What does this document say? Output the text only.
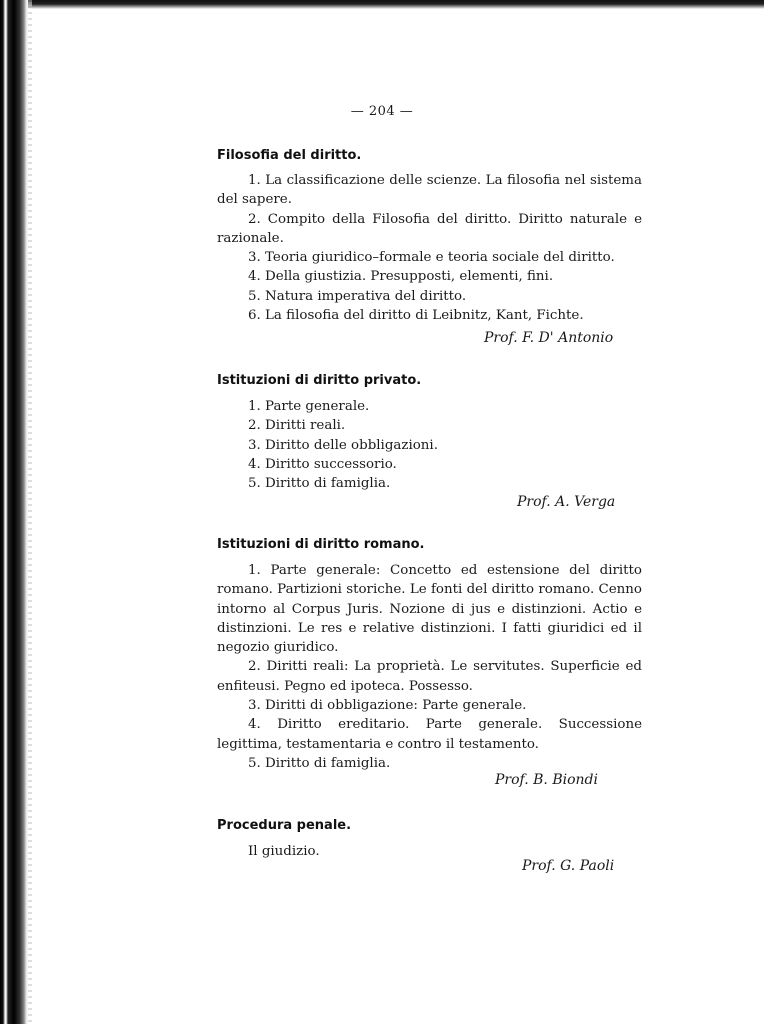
— 204 —
Filosofia del diritto.

1. La classificazione delle scienze. La filosofia nel sistema del sapere.

2. Compito della Filosofia del diritto. Diritto naturale e razionale.

3. Teoria giuridico–formale e teoria sociale del diritto.

4. Della giustizia. Presupposti, elementi, fini.

5. Natura imperativa del diritto.

6. La filosofia del diritto di Leibnitz, Kant, Fichte.

Prof. F. D' Antonio
Istituzioni di diritto privato.

1. Parte generale.

2. Diritti reali.

3. Diritto delle obbligazioni.

4. Diritto successorio.

5. Diritto di famiglia.

Prof. A. Verga
Istituzioni di diritto romano.

1. Parte generale: Concetto ed estensione del diritto romano. Partizioni storiche. Le fonti del diritto romano. Cenno intorno al Corpus Juris. Nozione di jus e distinzioni. Actio e distinzioni. Le res e relative distinzioni. I fatti giuridici ed il negozio giuridico.

2. Diritti reali: La proprietà. Le servitutes. Superficie ed enfiteusi. Pegno ed ipoteca. Possesso.

3. Diritti di obbligazione: Parte generale.

4. Diritto ereditario. Parte generale. Successione legittima, testamentaria e contro il testamento.

5. Diritto di famiglia.

Prof. B. Biondi
Procedura penale.

Il giudizio.

Prof. G. Paoli
